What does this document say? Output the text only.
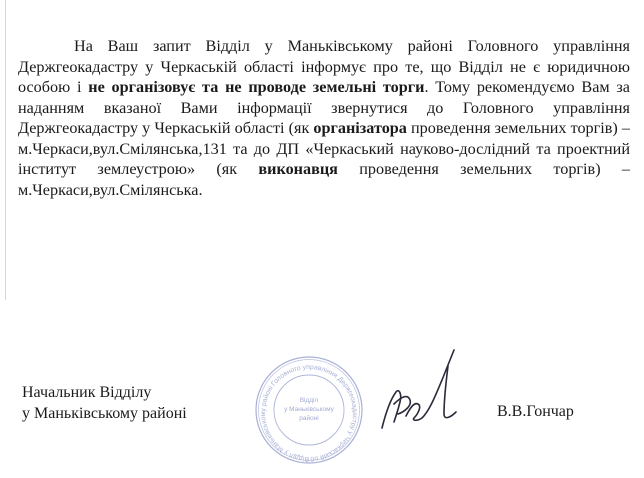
На Ваш запит Відділ у Маньківському районі Головного управління Держгеокадастру у Черкаській області інформує про те, що Відділ не є юридичною особою і не організовує та не проводе земельні торги. Тому рекомендуємо Вам за наданням вказаної Вами інформації звернутися до Головного управління Держгеокадастру у Черкаській області (як організатора проведення земельних торгів) – м.Черкаси,вул.Смілянська,131 та до ДП «Черкаський науково-дослідний та проектний інститут землеустрою» (як виконавця проведення земельних торгів) – м.Черкаси,вул.Смілянська.

Начальник Відділу
у Маньківському районі
Відділ у Маньківському районі Головного управління Держгеокадастру у Черкаській об
Відділ
у Маньківському
районі	В.В.Гончар
